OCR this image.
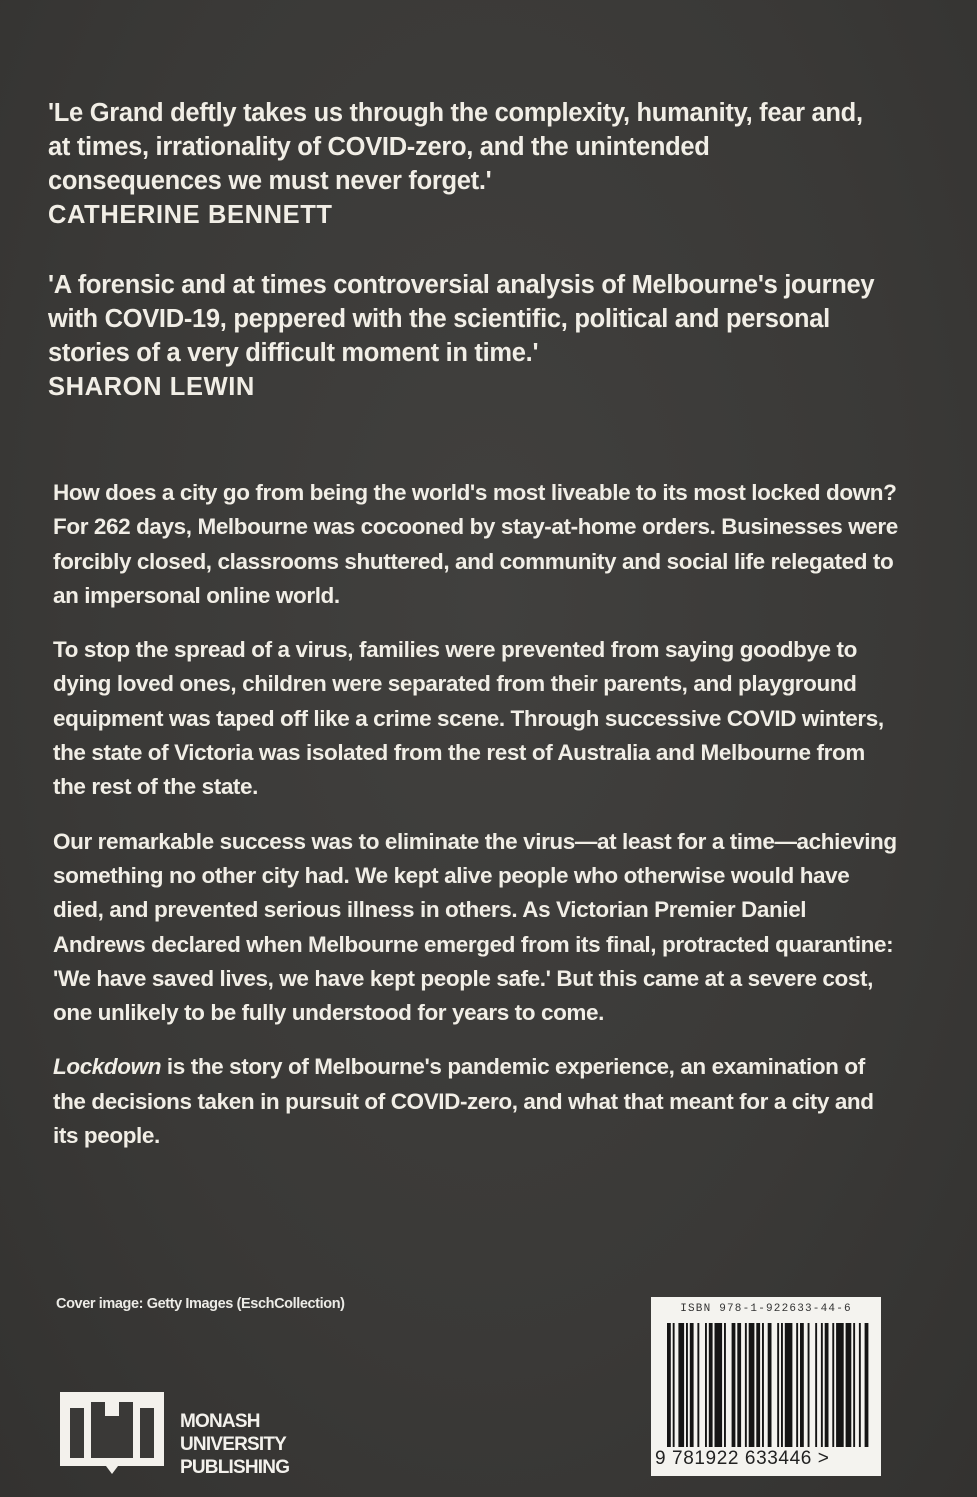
'Le Grand deftly takes us through the complexity, humanity, fear and, at times, irrationality of COVID-zero, and the unintended consequences we must never forget.'
CATHERINE BENNETT
'A forensic and at times controversial analysis of Melbourne's journey with COVID-19, peppered with the scientific, political and personal stories of a very difficult moment in time.'
SHARON LEWIN

How does a city go from being the world's most liveable to its most locked down? For 262 days, Melbourne was cocooned by stay-at-home orders. Businesses were forcibly closed, classrooms shuttered, and community and social life relegated to an impersonal online world.

To stop the spread of a virus, families were prevented from saying goodbye to dying loved ones, children were separated from their parents, and playground equipment was taped off like a crime scene. Through successive COVID winters, the state of Victoria was isolated from the rest of Australia and Melbourne from the rest of the state.

Our remarkable success was to eliminate the virus—at least for a time—achieving something no other city had. We kept alive people who otherwise would have died, and prevented serious illness in others. As Victorian Premier Daniel Andrews declared when Melbourne emerged from its final, protracted quarantine: 'We have saved lives, we have kept people safe.' But this came at a severe cost, one unlikely to be fully understood for years to come.

Lockdown is the story of Melbourne's pandemic experience, an examination of the decisions taken in pursuit of COVID-zero, and what that meant for a city and its people.

Cover image: Getty Images (EschCollection)
MONASH
UNIVERSITY
PUBLISHING
ISBN 978-1-922633-44-6
9 781922 633446 >
